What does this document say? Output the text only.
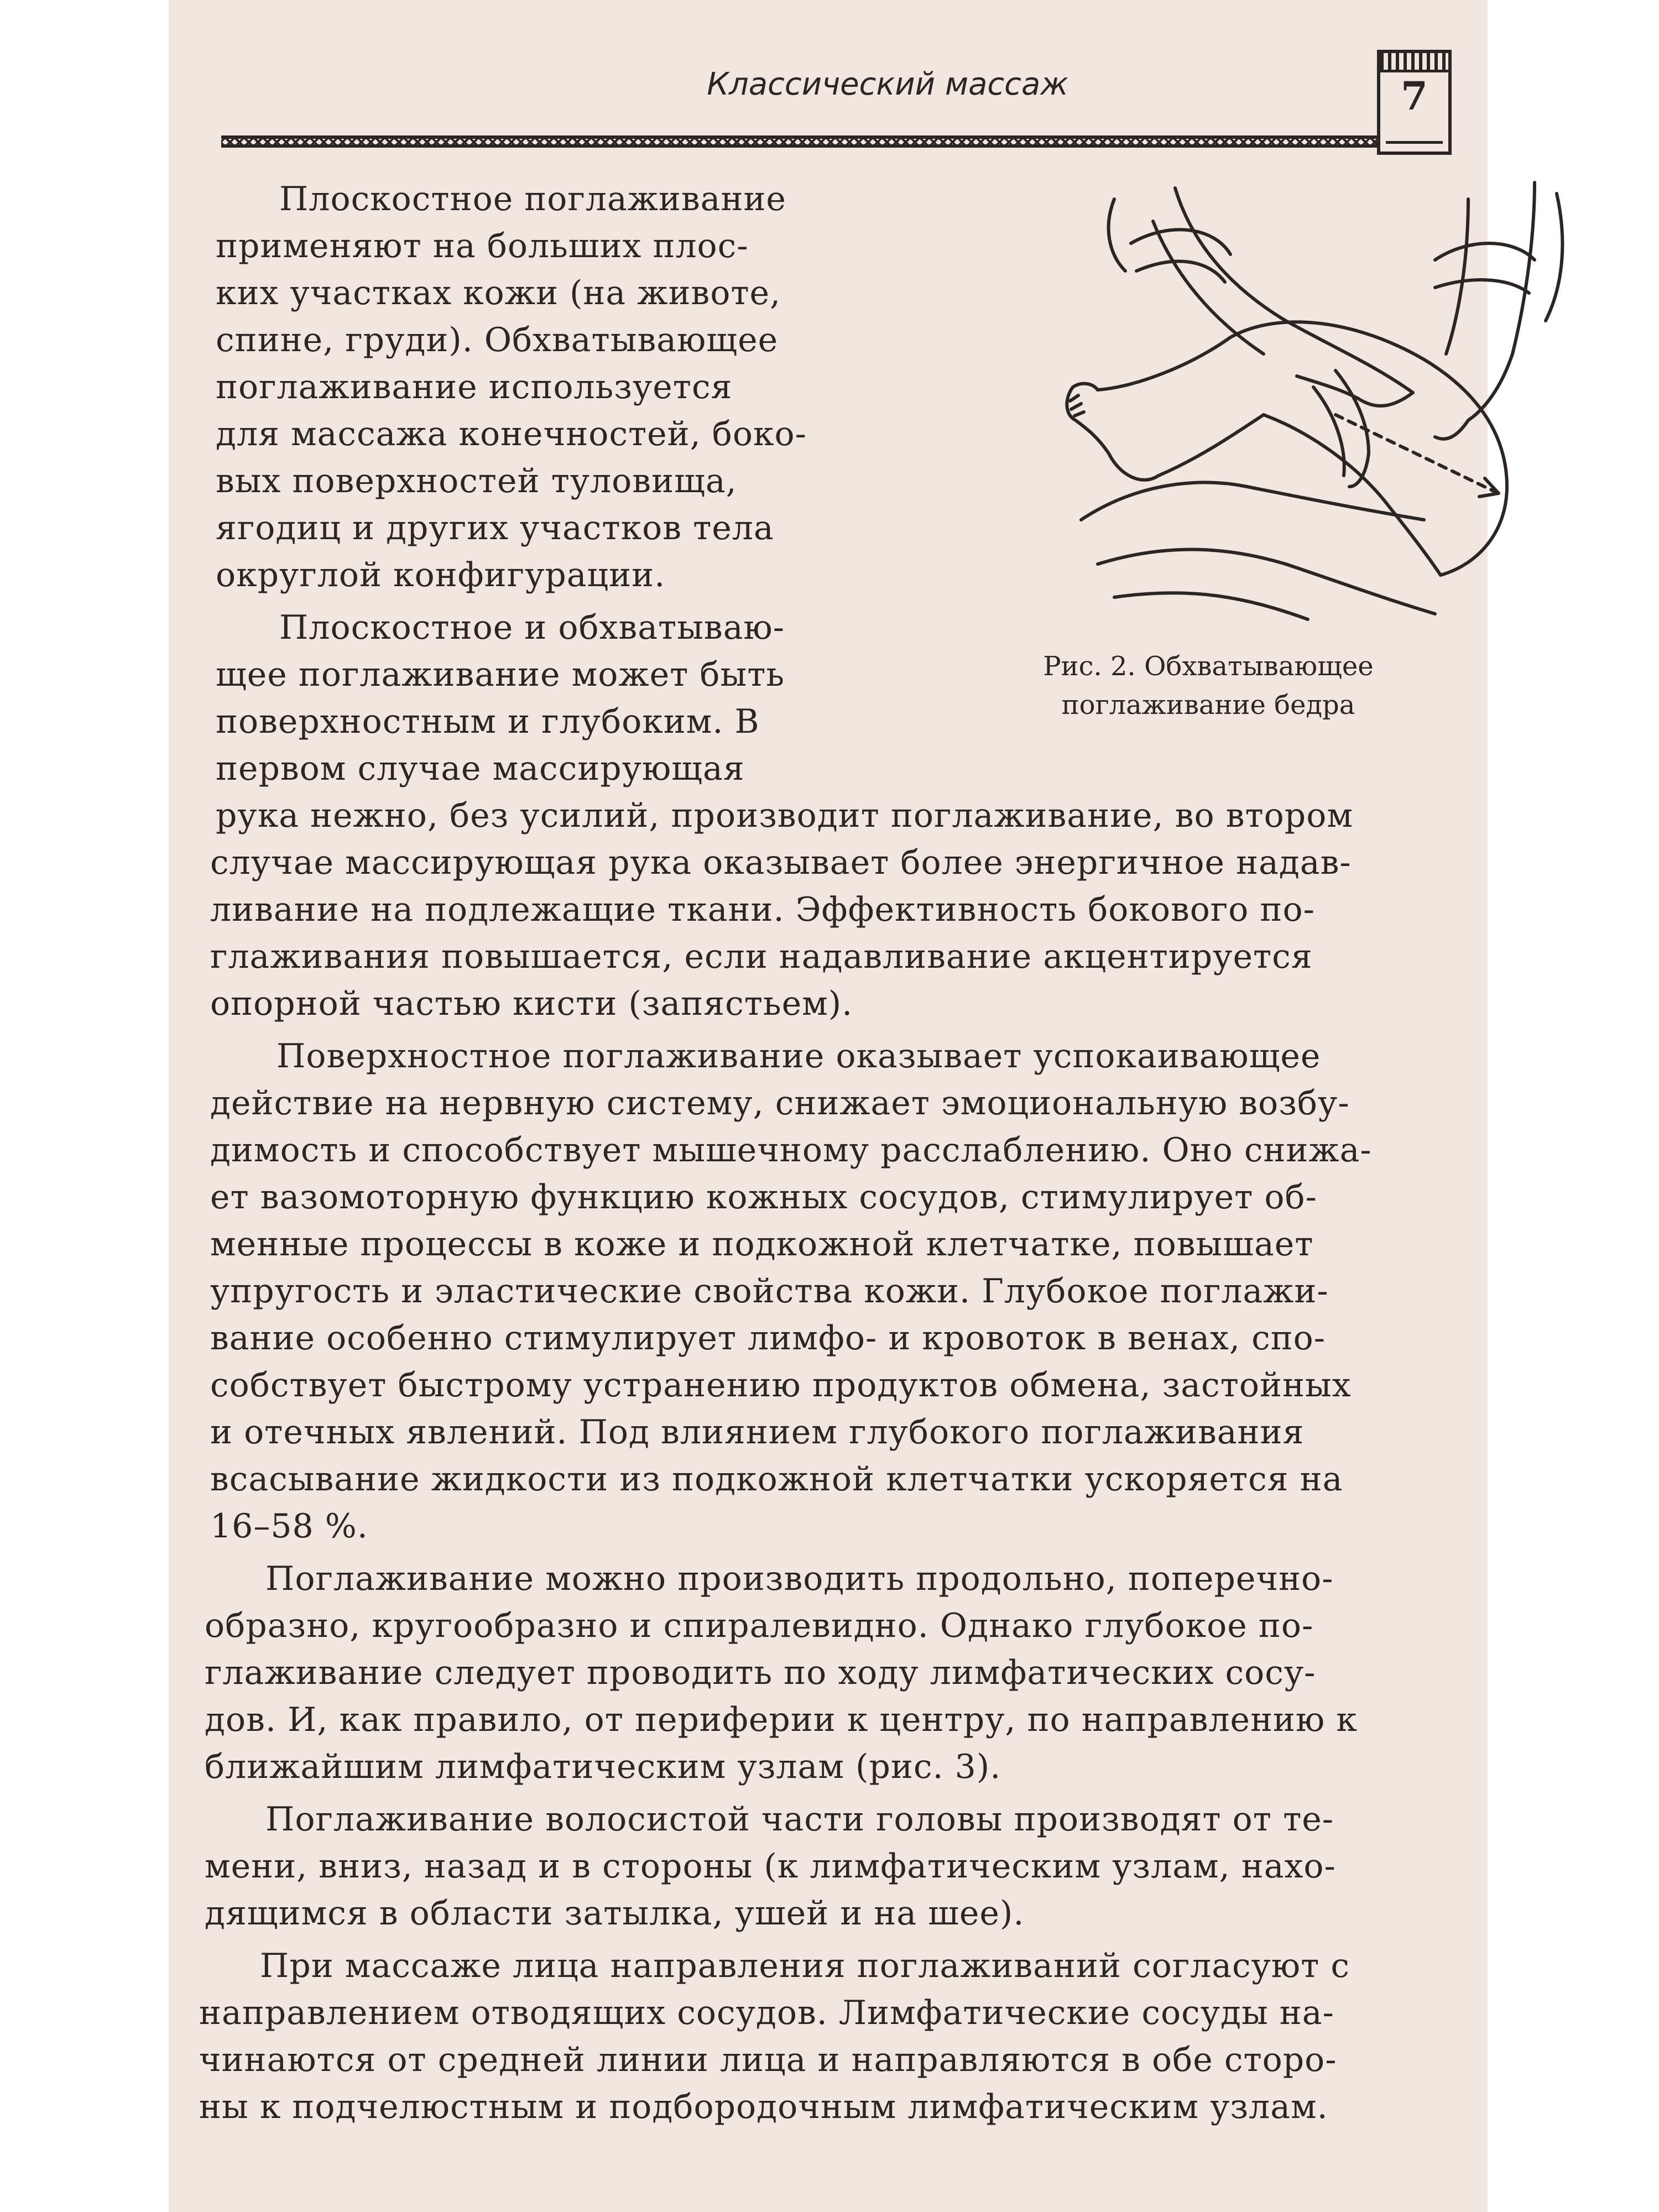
Классический массаж	7
Рис. 2. Обхватывающее
поглаживание бедра
Плоскостное поглаживание
применяют на больших плос-
ких участках кожи (на животе,
спине, груди). Обхватывающее
поглаживание используется
для массажа конечностей, боко-
вых поверхностей туловища,
ягодиц и других участков тела
округлой конфигурации.
Плоскостное и обхватываю-
щее поглаживание может быть
поверхностным и глубоким. В
первом случае массирующая
рука нежно, без усилий, производит поглаживание, во втором
случае массирующая рука оказывает более энергичное надав-
ливание на подлежащие ткани. Эффективность бокового по-
глаживания повышается, если надавливание акцентируется
опорной частью кисти (запястьем).
Поверхностное поглаживание оказывает успокаивающее
действие на нервную систему, снижает эмоциональную возбу-
димость и способствует мышечному расслаблению. Оно снижа-
ет вазомоторную функцию кожных сосудов, стимулирует об-
менные процессы в коже и подкожной клетчатке, повышает
упругость и эластические свойства кожи. Глубокое поглажи-
вание особенно стимулирует лимфо- и кровоток в венах, спо-
собствует быстрому устранению продуктов обмена, застойных
и отечных явлений. Под влиянием глубокого поглаживания
всасывание жидкости из подкожной клетчатки ускоряется на
16–58 %.
Поглаживание можно производить продольно, поперечно-
образно, кругообразно и спиралевидно. Однако глубокое по-
глаживание следует проводить по ходу лимфатических сосу-
дов. И, как правило, от периферии к центру, по направлению к
ближайшим лимфатическим узлам (рис. 3).
Поглаживание волосистой части головы производят от те-
мени, вниз, назад и в стороны (к лимфатическим узлам, нахо-
дящимся в области затылка, ушей и на шее).
При массаже лица направления поглаживаний согласуют с
направлением отводящих сосудов. Лимфатические сосуды на-
чинаются от средней линии лица и направляются в обе сторо-
ны к подчелюстным и подбородочным лимфатическим узлам.
